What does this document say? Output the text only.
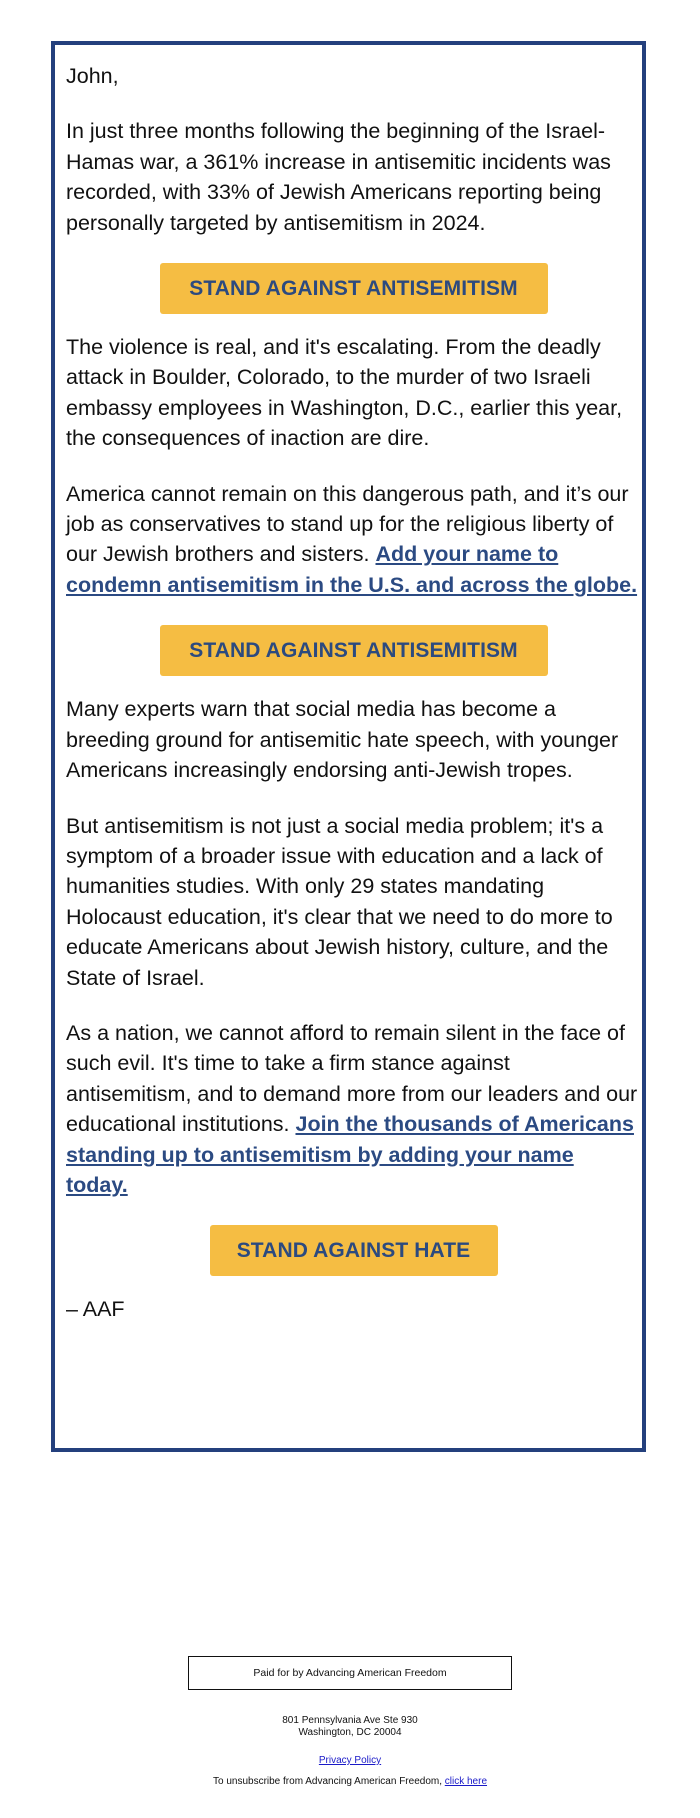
John,

In just three months following the beginning of the Israel-Hamas war, a 361% increase in antisemitic incidents was recorded, with 33% of Jewish Americans reporting being personally targeted by antisemitism in 2024.

STAND AGAINST ANTISEMITISM

The violence is real, and it's escalating. From the deadly attack in Boulder, Colorado, to the murder of two Israeli embassy employees in Washington, D.C., earlier this year, the consequences of inaction are dire.

America cannot remain on this dangerous path, and it’s our job as conservatives to stand up for the religious liberty of our Jewish brothers and sisters. Add your name to condemn antisemitism in the U.S. and across the globe.

STAND AGAINST ANTISEMITISM

Many experts warn that social media has become a breeding ground for antisemitic hate speech, with younger Americans increasingly endorsing anti-Jewish tropes.

But antisemitism is not just a social media problem; it's a symptom of a broader issue with education and a lack of humanities studies. With only 29 states mandating Holocaust education, it's clear that we need to do more to educate Americans about Jewish history, culture, and the State of Israel.

As a nation, we cannot afford to remain silent in the face of such evil. It's time to take a firm stance against antisemitism, and to demand more from our leaders and our educational institutions. Join the thousands of Americans standing up to antisemitism by adding your name today.

STAND AGAINST HATE

– AAF

Paid for by Advancing American Freedom
801 Pennsylvania Ave Ste 930
Washington, DC 20004
Privacy Policy
To unsubscribe from Advancing American Freedom, click here
